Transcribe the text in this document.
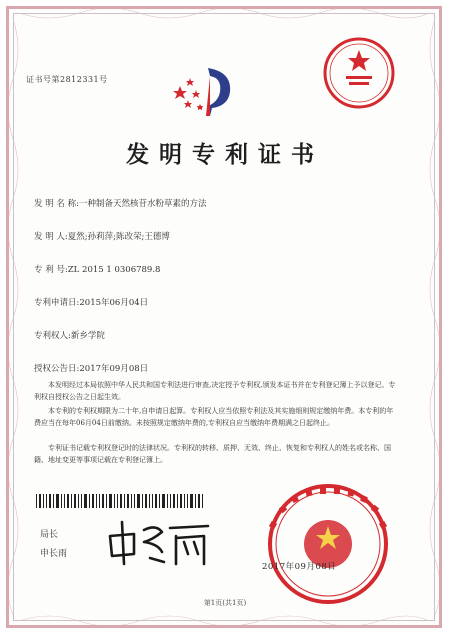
证书号第2812331号
发明专利证书
发 明 名 称:一种制备天然核苷水粉草素的方法
发 明 人:夏然;孙莉萍;陈改荣;王德博
专 利 号:ZL 2015 1 0306789.8
专利申请日:2015年06月04日
专利权人:新乡学院
授权公告日:2017年09月08日
本发明经过本局依照中华人民共和国专利法进行审查,决定授予专利权,颁发本证书并在专利登记簿上予以登记。专利权自授权公告之日起生效。
本专利的专利权期限为二十年,自申请日起算。专利权人应当依照专利法及其实施细则规定缴纳年费。本专利的年费应当在每年06月04日前缴纳。未按照规定缴纳年费的,专利权自应当缴纳年费期满之日起终止。
专利证书记载专利权登记时的法律状况。专利权的转移、质押、无效、终止、恢复和专利权人的姓名或名称、国籍、地址变更等事项记载在专利登记簿上。
局长
申长雨
2017年09月08日
第1页(共1页)
